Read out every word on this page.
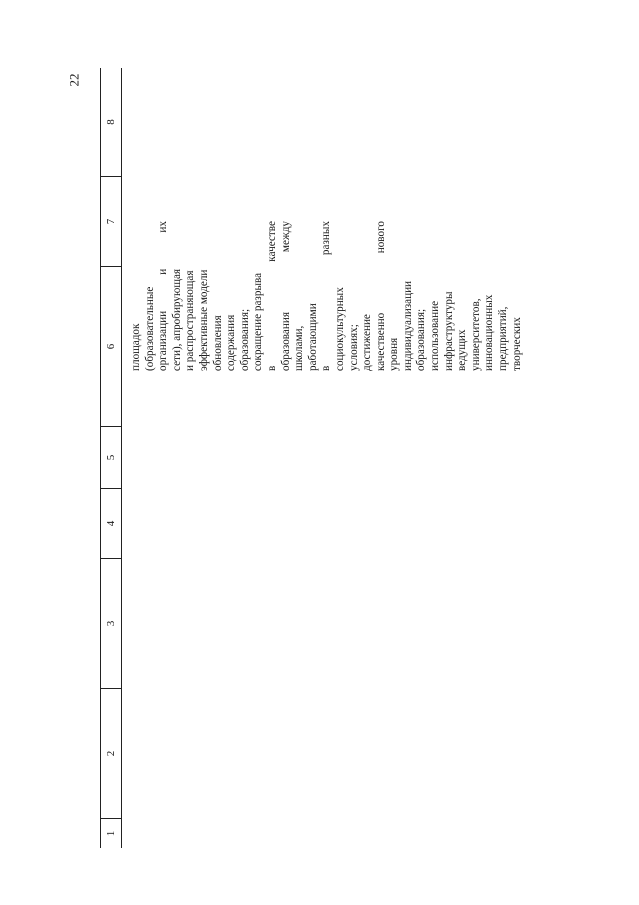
22
1
2
3
4
5
6
7
8
площадок (образовательные организации и их сети), апробирующая и распространяющая эффективные модели обновления содержания образования; сокращение разрыва в качестве образования между школами, работающими в разных социокультурных условиях; достижение качественно нового уровня индивидуализации образования; использование инфраструктуры ведущих университетов, инновационных предприятий, творческих
